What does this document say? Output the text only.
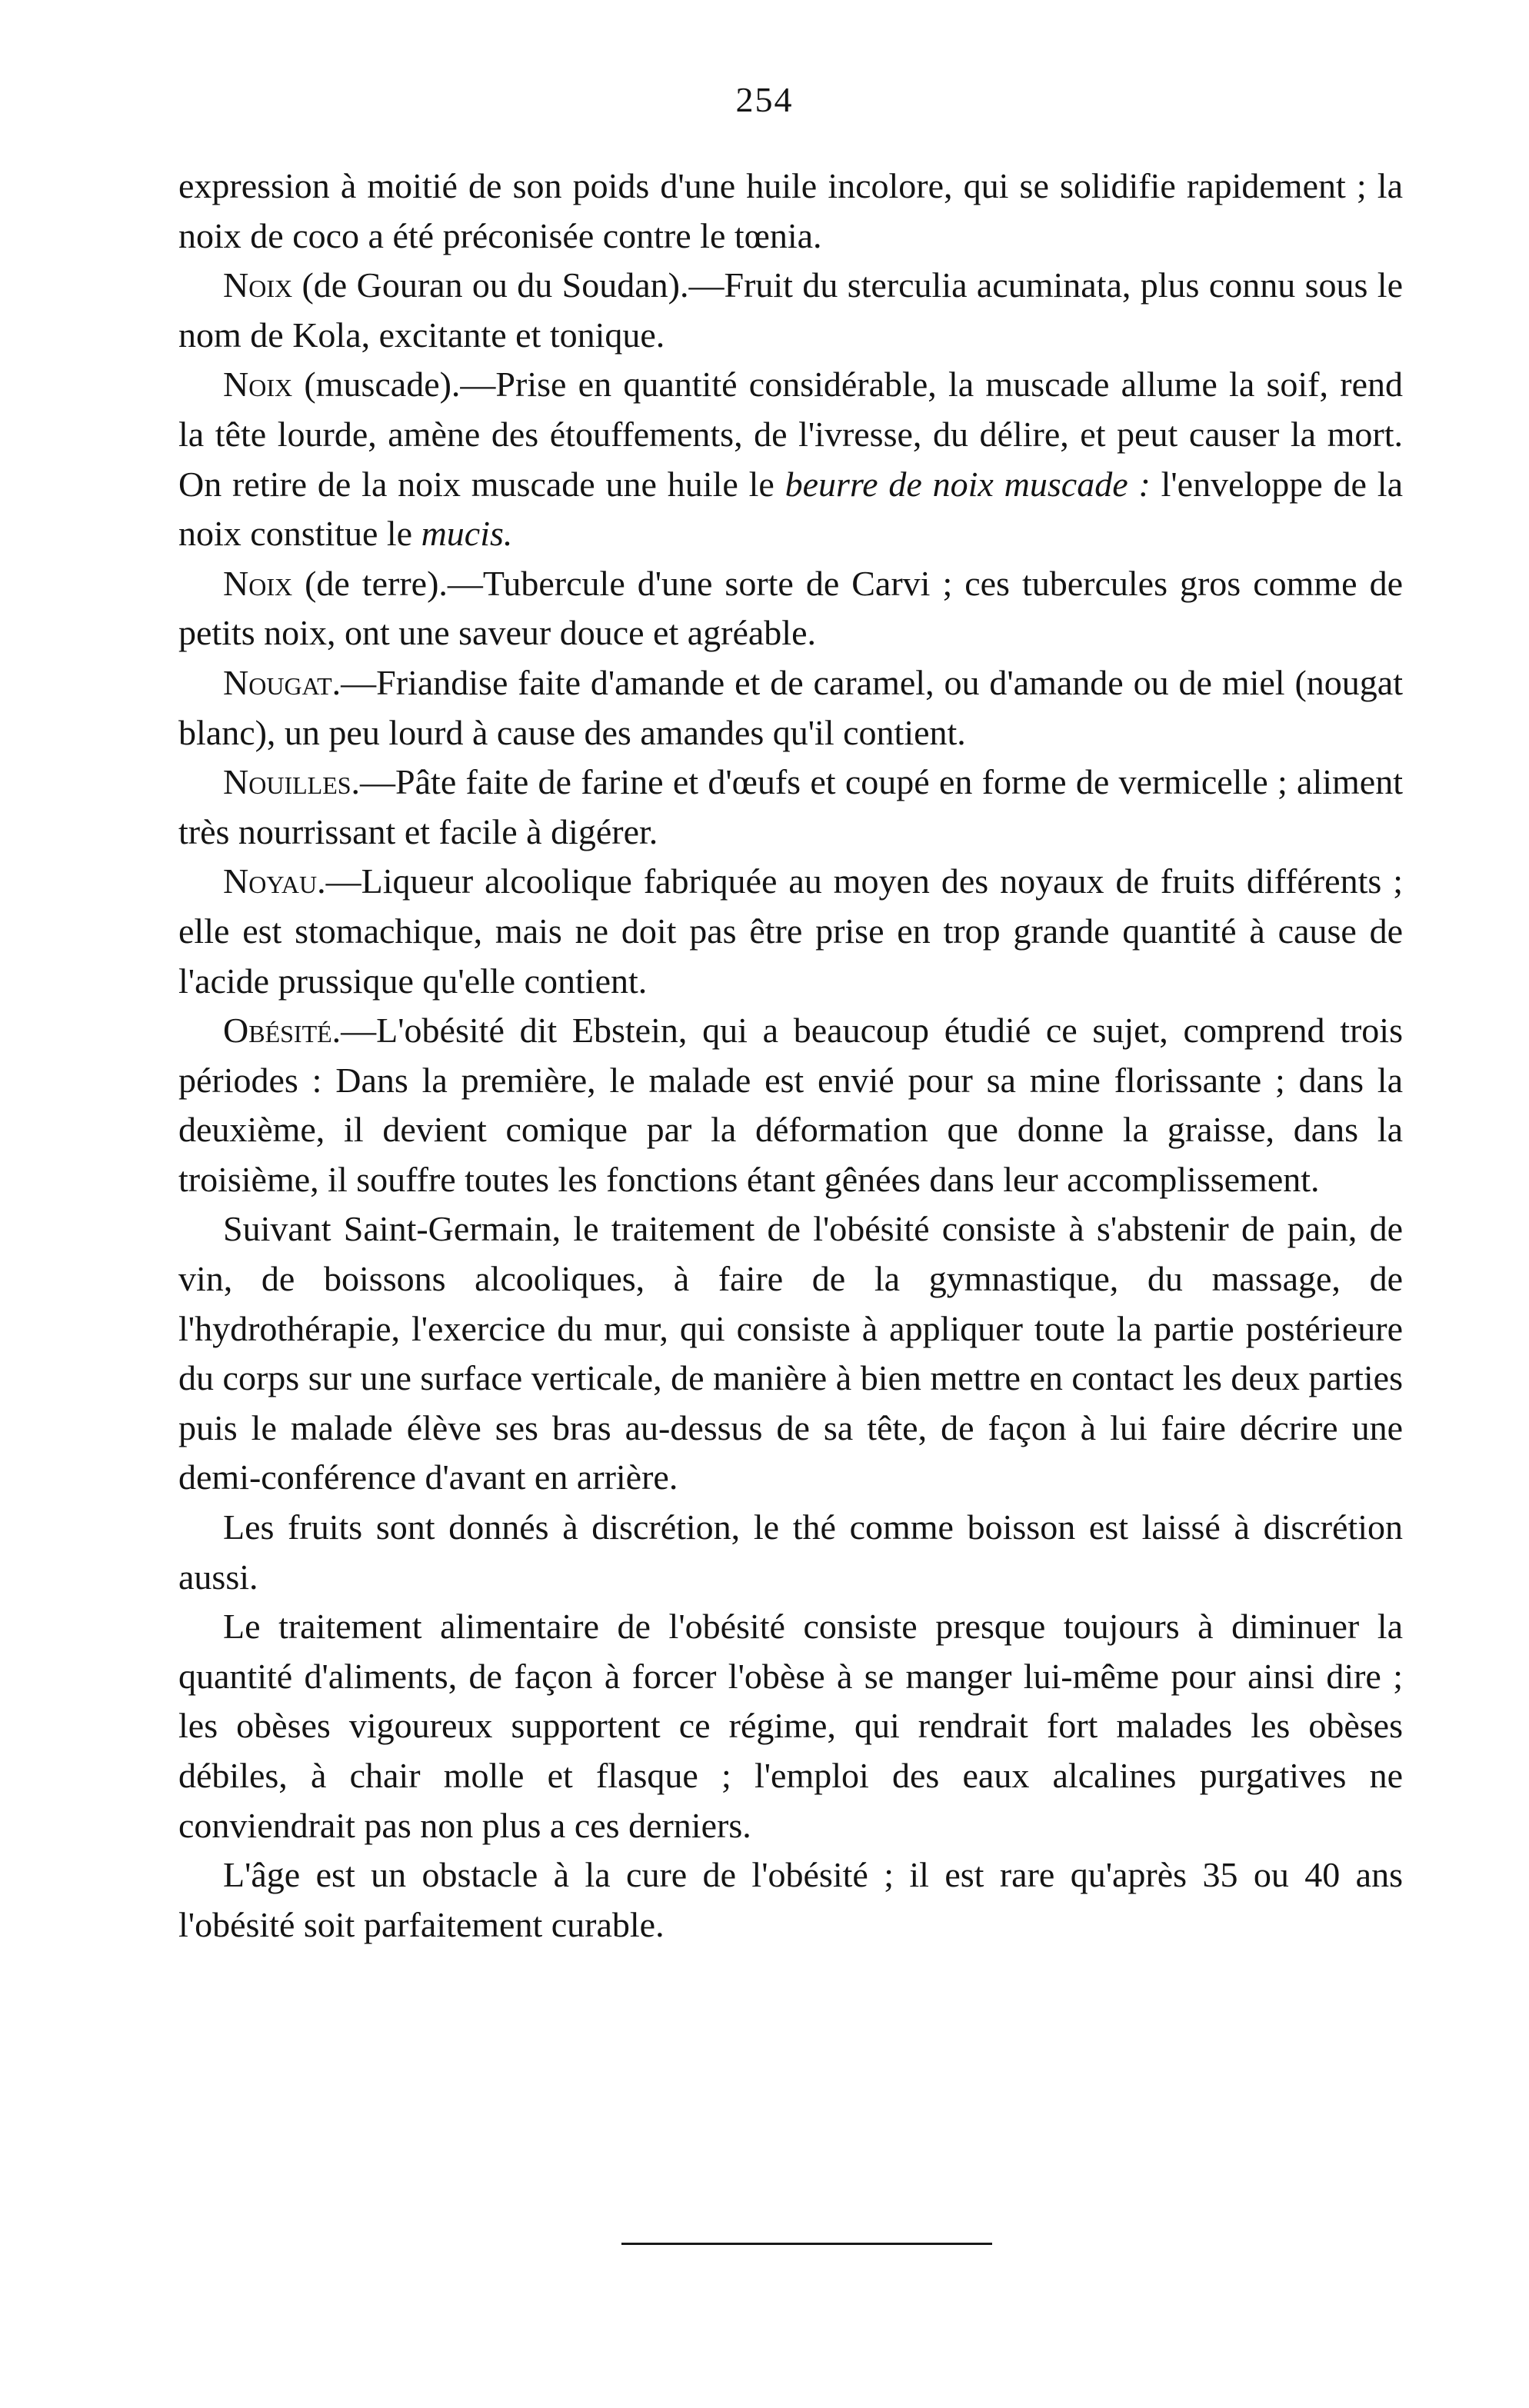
254

expression à moitié de son poids d'une huile incolore, qui se solidifie rapidement ; la noix de coco a été préconisée contre le tœnia.

Noix (de Gouran ou du Soudan).—Fruit du sterculia acuminata, plus connu sous le nom de Kola, excitante et tonique.

Noix (muscade).—Prise en quantité considérable, la muscade allume la soif, rend la tête lourde, amène des étouffements, de l'ivresse, du délire, et peut causer la mort. On retire de la noix muscade une huile le beurre de noix muscade : l'enveloppe de la noix constitue le mucis.

Noix (de terre).—Tubercule d'une sorte de Carvi ; ces tubercules gros comme de petits noix, ont une saveur douce et agréable.

Nougat.—Friandise faite d'amande et de caramel, ou d'amande ou de miel (nougat blanc), un peu lourd à cause des amandes qu'il contient.

Nouilles.—Pâte faite de farine et d'œufs et coupé en forme de vermicelle ; aliment très nourrissant et facile à digérer.

Noyau.—Liqueur alcoolique fabriquée au moyen des noyaux de fruits différents ; elle est stomachique, mais ne doit pas être prise en trop grande quantité à cause de l'acide prussique qu'elle contient.

Obésité.—L'obésité dit Ebstein, qui a beaucoup étudié ce sujet, comprend trois périodes : Dans la première, le malade est envié pour sa mine florissante ; dans la deuxième, il devient comique par la déformation que donne la graisse, dans la troisième, il souffre toutes les fonctions étant gênées dans leur accomplissement.

Suivant Saint-Germain, le traitement de l'obésité consiste à s'abstenir de pain, de vin, de boissons alcooliques, à faire de la gymnastique, du massage, de l'hydrothérapie, l'exercice du mur, qui consiste à appliquer toute la partie postérieure du corps sur une surface verticale, de manière à bien mettre en contact les deux parties puis le malade élève ses bras au-dessus de sa tête, de façon à lui faire décrire une demi-conférence d'avant en arrière.

Les fruits sont donnés à discrétion, le thé comme boisson est laissé à discrétion aussi.

Le traitement alimentaire de l'obésité consiste presque toujours à diminuer la quantité d'aliments, de façon à forcer l'obèse à se manger lui-même pour ainsi dire ; les obèses vigoureux supportent ce régime, qui rendrait fort malades les obèses débiles, à chair molle et flasque ; l'emploi des eaux alcalines purgatives ne conviendrait pas non plus a ces derniers.

L'âge est un obstacle à la cure de l'obésité ; il est rare qu'après 35 ou 40 ans l'obésité soit parfaitement curable.
